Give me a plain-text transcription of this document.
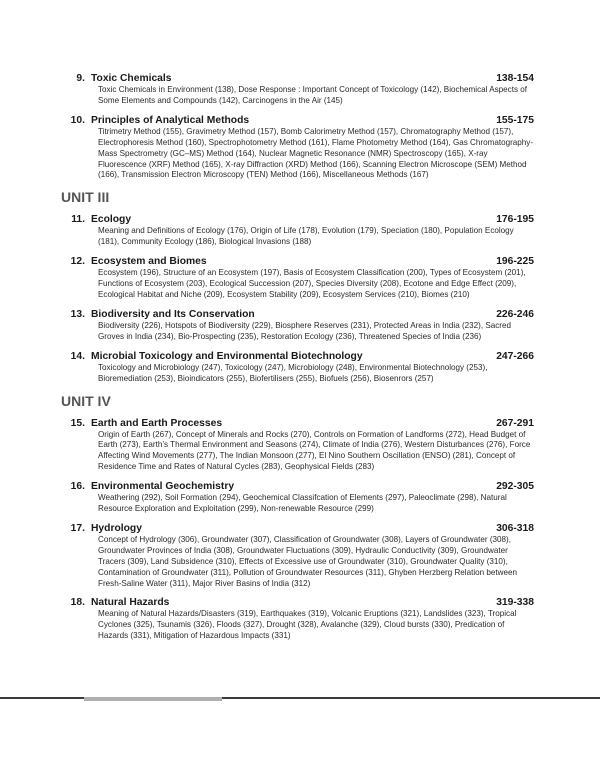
9. Toxic Chemicals	138-154
Toxic Chemicals in Environment (138), Dose Response : Important Concept of Toxicology (142), Biochemical Aspects of Some Elements and Compounds (142), Carcinogens in the Air (145)
10. Principles of Analytical Methods	155-175
Titrimetry Method (155), Gravimetry Method (157), Bomb Calorimetry Method (157), Chromatography Method (157), Electrophoresis Method (160), Spectrophotometry Method (161), Flame Photometry Method (164), Gas Chromatography-Mass Spectrometry (GC–MS) Method (164), Nuclear Magnetic Resonance (NMR) Spectroscopy (165), X-ray Fluorescence (XRF) Method (165), X-ray Diffraction (XRD) Method (166), Scanning Electron Microscope (SEM) Method (166), Transmission Electron Microscopy (TEN) Method (166), Miscellaneous Methods (167)
UNIT III
11. Ecology	176-195
Meaning and Definitions of Ecology (176), Origin of Life (178), Evolution (179), Speciation (180), Population Ecology (181), Community Ecology (186), Biological Invasions (188)
12. Ecosystem and Biomes	196-225
Ecosystem (196), Structure of an Ecosystem (197), Basis of Ecosystem Classification (200), Types of Ecosystem (201), Functions of Ecosystem (203), Ecological Succession (207), Species Diversity (208), Ecotone and Edge Effect (209), Ecological Habitat and Niche (209), Ecosystem Stability (209), Ecosystem Services (210), Biomes (210)
13. Biodiversity and Its Conservation	226-246
Biodiversity (226), Hotspots of Biodiversity (229), Biosphere Reserves (231), Protected Areas in India (232), Sacred Groves in India (234), Bio-Prospecting (235), Restoration Ecology (236), Threatened Species of India (236)
14. Microbial Toxicology and Environmental Biotechnology	247-266
Toxicology and Microbiology (247), Toxicology (247), Microbiology (248), Environmental Biotechnology (253), Bioremediation (253), Bioindicators (255), Biofertilisers (255), Biofuels (256), Biosenrors (257)
UNIT IV
15. Earth and Earth Processes	267-291
Origin of Earth (267), Concept of Minerals and Rocks (270), Controls on Formation of Landforms (272), Head Budget of Earth (273), Earth’s Thermal Environment and Seasons (274), Climate of India (276), Western Disturbances (276), Force Affecting Wind Movements (277), The Indian Monsoon (277), El Nino Southern Oscillation (ENSO) (281), Concept of Residence Time and Rates of Natural Cycles (283), Geophysical Fields (283)
16. Environmental Geochemistry	292-305
Weathering (292), Soil Formation (294), Geochemical Classifcation of Elements (297), Paleoclimate (298), Natural Resource Exploration and Exploitation (299), Non-renewable Resource (299)
17. Hydrology	306-318
Concept of Hydrology (306), Groundwater (307), Classification of Groundwater (308), Layers of Groundwater (308), Groundwater Provinces of India (308), Groundwater Fluctuations (309), Hydraulic Conductivity (309), Groundwater Tracers (309), Land Subsidence (310), Effects of Excessive use of Groundwater (310), Groundwater Quality (310), Contamination of Groundwater (311), Pollution of Groundwater Resources (311), Ghyben Herzberg Relation between Fresh-Saline Water (311), Major River Basins of India (312)
18. Natural Hazards	319-338
Meaning of Natural Hazards/Disasters (319), Earthquakes (319), Volcanic Eruptions (321), Landslides (323), Tropical Cyclones (325), Tsunamis (326), Floods (327), Drought (328), Avalanche (329), Cloud bursts (330), Predication of Hazards (331), Mitigation of Hazardous Impacts (331)
